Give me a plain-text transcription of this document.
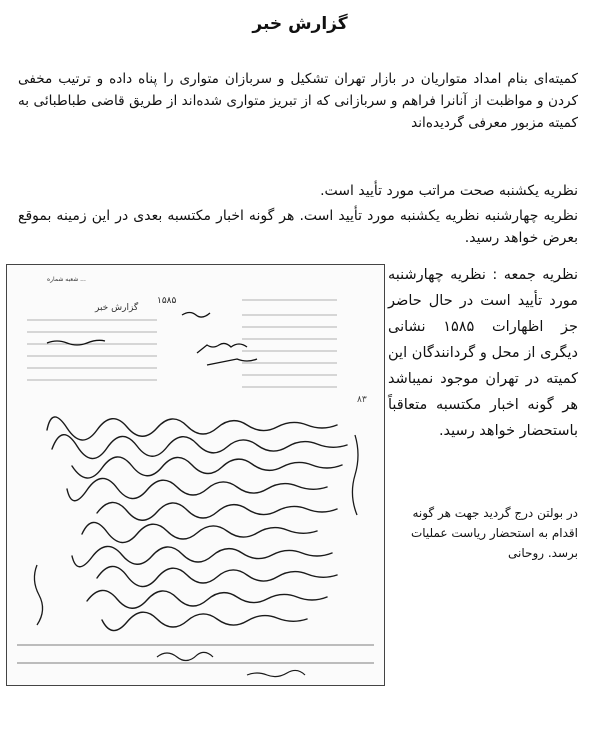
گزارش خبر
کمیته‌ای بنام امداد متواریان در بازار تهران تشکیل و سربازان متواری را پناه داده و ترتیب مخفی کردن و مواظبت از آنانرا فراهم و سربازانی که از تبریز متواری شده‌اند از طریق قاضی طباطبائی به کمیته مزبور معرفی گردیده‌اند
نظریه یکشنبه صحت مراتب مورد تأیید است.
نظریه چهارشنبه نظریه یکشنبه مورد تأیید است. هر گونه اخبار مکتسبه بعدی در این زمینه بموقع بعرض خواهد رسید.
نظریه جمعه : نظریه چهارشنبه مورد تأیید است در حال حاضر جز اظهارات ۱۵۸۵ نشانی دیگری از محل و گردانندگان این کمیته در تهران موجود نمیباشد هر گونه اخبار مکتسبه متعاقباً باستحضار خواهد رسید.
در بولتن درج گردید جهت هر گونه اقدام به استحضار ریاست عملیات برسد. روحانی
شعبه شماره ...
گزارش خبر
۱۵۸۵
۸۳
